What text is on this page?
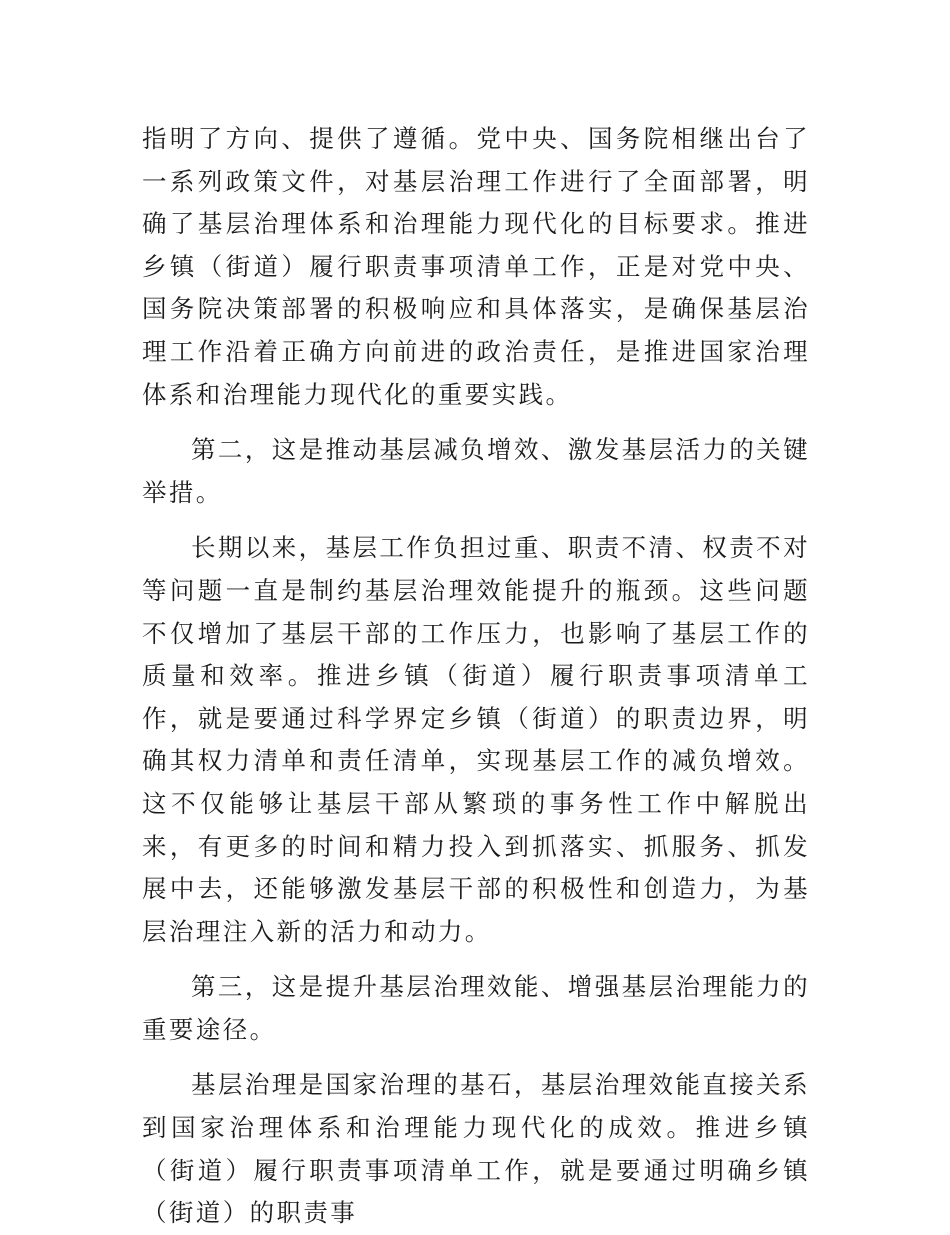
指明了方向、提供了遵循。党中央、国务院相继出台了一系列政策文件，对基层治理工作进行了全面部署，明确了基层治理体系和治理能力现代化的目标要求。推进乡镇（街道）履行职责事项清单工作，正是对党中央、国务院决策部署的积极响应和具体落实，是确保基层治理工作沿着正确方向前进的政治责任，是推进国家治理体系和治理能力现代化的重要实践。

第二，这是推动基层减负增效、激发基层活力的关键举措。

长期以来，基层工作负担过重、职责不清、权责不对等问题一直是制约基层治理效能提升的瓶颈。这些问题不仅增加了基层干部的工作压力，也影响了基层工作的质量和效率。推进乡镇（街道）履行职责事项清单工作，就是要通过科学界定乡镇（街道）的职责边界，明确其权力清单和责任清单，实现基层工作的减负增效。这不仅能够让基层干部从繁琐的事务性工作中解脱出来，有更多的时间和精力投入到抓落实、抓服务、抓发展中去，还能够激发基层干部的积极性和创造力，为基层治理注入新的活力和动力。

第三，这是提升基层治理效能、增强基层治理能力的重要途径。

基层治理是国家治理的基石，基层治理效能直接关系到国家治理体系和治理能力现代化的成效。推进乡镇（街道）履行职责事项清单工作，就是要通过明确乡镇（街道）的职责事
